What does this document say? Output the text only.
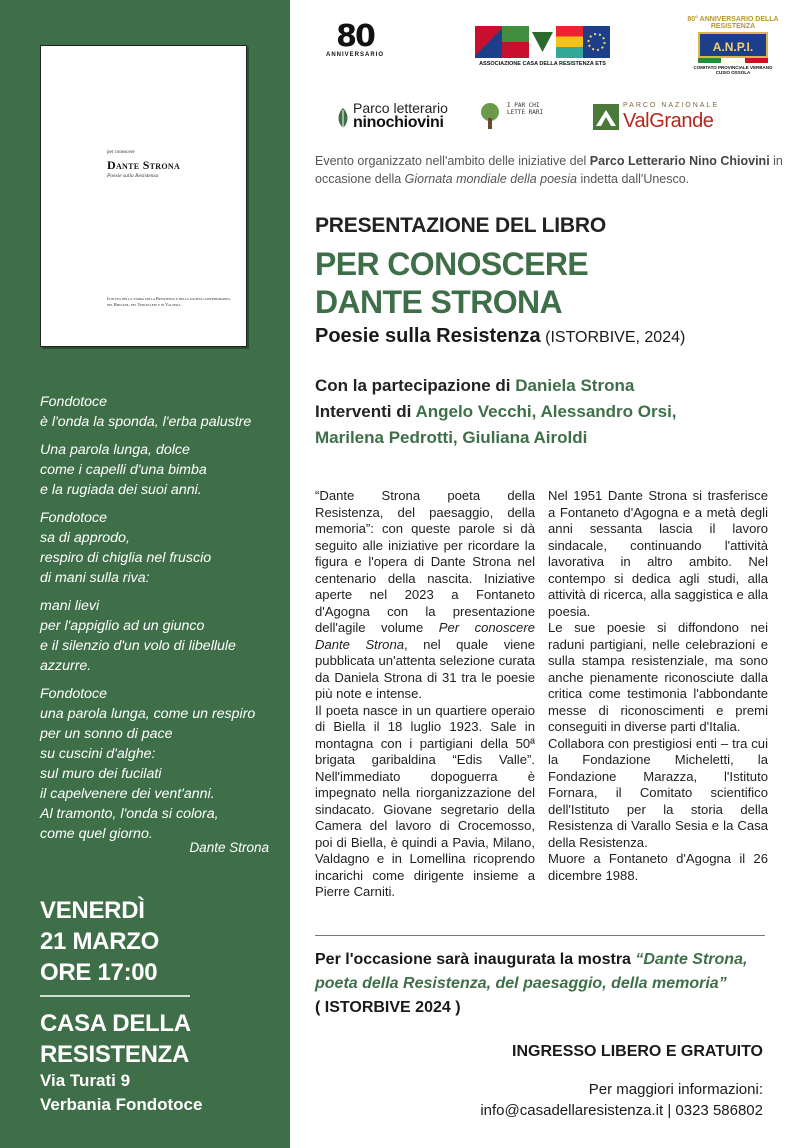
per conoscere
Dante Strona
Poesie sulla Resistenza
Istituto per la storia della Resistenza e della società contemporanea nel Biellese, nel Vercellese e in Valsesia
Fondotoce
è l'onda la sponda, l'erba palustre
Una parola lunga, dolce
come i capelli d'una bimba
e la rugiada dei suoi anni.
Fondotoce
sa di approdo,
respiro di chiglia nel fruscio
di mani sulla riva:
mani lievi
per l'appiglio ad un giunco
e il silenzio d'un volo di libellule
azzurre.
Fondotoce
una parola lunga, come un respiro
per un sonno di pace
su cuscini d'alghe:
sul muro dei fucilati
il capelvenere dei vent'anni.
Al tramonto, l'onda si colora,
come quel giorno.
Dante Strona
VENERDÌ
21 MARZO
ORE 17:00
CASA DELLA
RESISTENZA
Via Turati 9
Verbania Fondotoce
80
ANNIVERSARIO
ASSOCIAZIONE CASA DELLA RESISTENZA ETS
80° ANNIVERSARIO DELLA RESISTENZA
A.N.P.I.
COMITATO PROVINCIALE VERBANO CUSIO OSSOLA
Parco letterario
ninochiovini
I PAR CHI LETTE RARI
PARCO NAZIONALE
ValGrande
Evento organizzato nell'ambito delle iniziative del Parco Letterario Nino Chiovini in occasione della Giornata mondiale della poesia indetta dall'Unesco.
PRESENTAZIONE DEL LIBRO
PER CONOSCERE
DANTE STRONA
Poesie sulla Resistenza (ISTORBIVE, 2024)
Con la partecipazione di Daniela Strona
Interventi di Angelo Vecchi, Alessandro Orsi,
Marilena Pedrotti, Giuliana Airoldi

“Dante Strona poeta della Resistenza, del paesaggio, della memoria”: con queste parole si dà seguito alle iniziative per ricordare la figura e l'opera di Dante Strona nel centenario della nascita. Iniziative aperte nel 2023 a Fontaneto d'Agogna con la presentazione dell'agile volume Per conoscere Dante Strona, nel quale viene pubblicata un'attenta selezione curata da Daniela Strona di 31 tra le poesie più note e intense.

Il poeta nasce in un quartiere operaio di Biella il 18 luglio 1923. Sale in montagna con i partigiani della 50ª brigata garibaldina “Edis Valle”. Nell'immediato dopoguerra è impegnato nella riorganizzazione del sindacato. Giovane segretario della Camera del lavoro di Crocemosso, poi di Biella, è quindi a Pavia, Milano, Valdagno e in Lomellina ricoprendo incarichi come dirigente insieme a Pierre Carniti.

Nel 1951 Dante Strona si trasferisce a Fontaneto d'Agogna e a metà degli anni sessanta lascia il lavoro sindacale, continuando l'attività lavorativa in altro ambito. Nel contempo si dedica agli studi, alla attività di ricerca, alla saggistica e alla poesia.

Le sue poesie si diffondono nei raduni partigiani, nelle celebrazioni e sulla stampa resistenziale, ma sono anche pienamente riconosciute dalla critica come testimonia l'abbondante messe di riconoscimenti e premi conseguiti in diverse parti d'Italia.

Collabora con prestigiosi enti – tra cui la Fondazione Micheletti, la Fondazione Marazza, l'Istituto Fornara, il Comitato scientifico dell'Istituto per la storia della Resistenza di Varallo Sesia e la Casa della Resistenza.

Muore a Fontaneto d'Agogna il 26 dicembre 1988.

Per l'occasione sarà inaugurata la mostra “Dante Strona, poeta della Resistenza, del paesaggio, della memoria”
( ISTORBIVE 2024 )
INGRESSO LIBERO E GRATUITO
Per maggiori informazioni:
info@casadellaresistenza.it | 0323 586802
